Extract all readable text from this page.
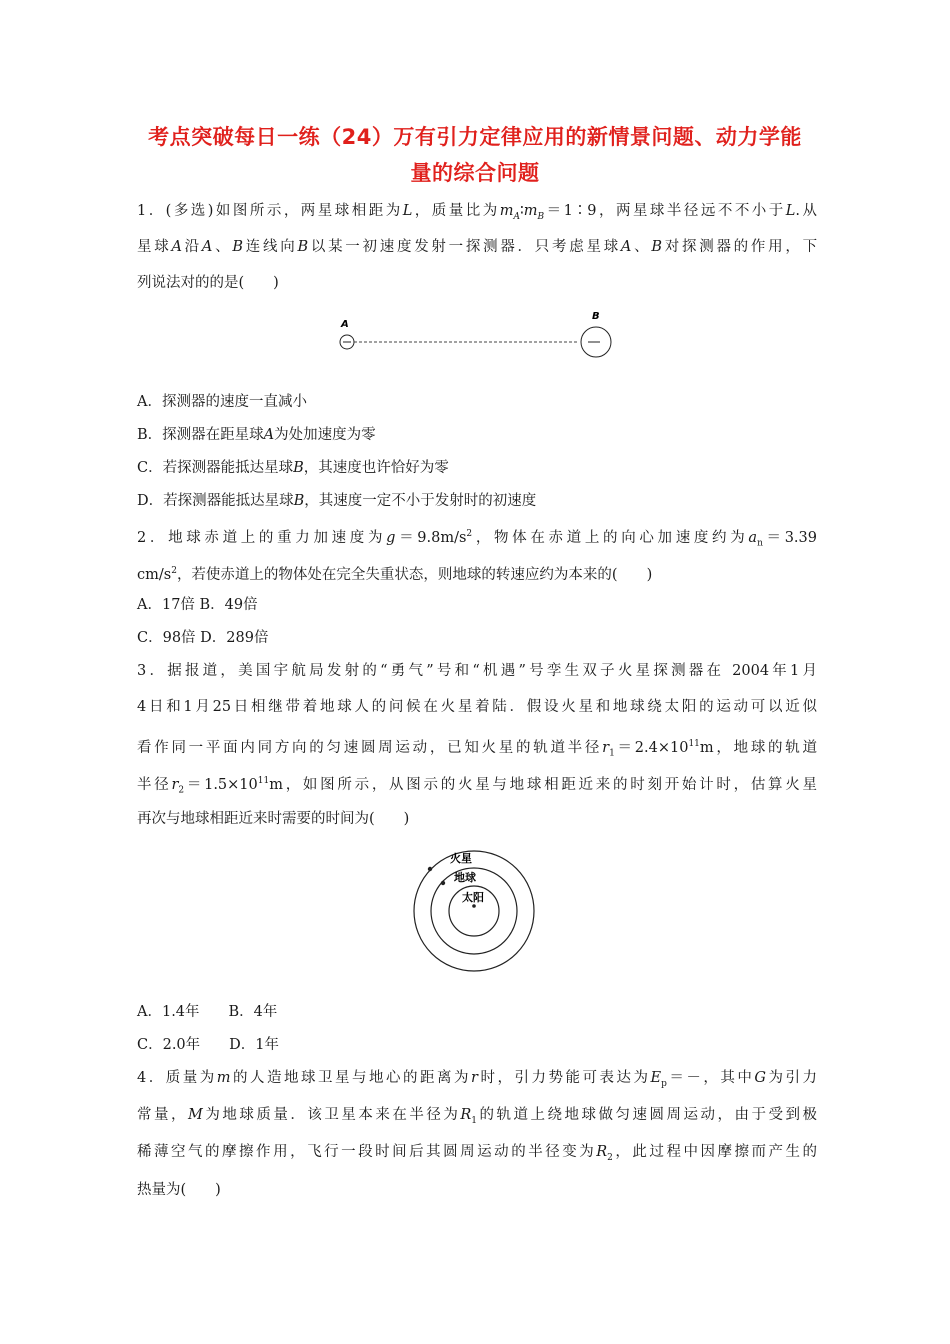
考点突破每日一练（24）万有引力定律应用的新情景问题、动力学能
量的综合问题
1．(多选)如图所示，两星球相距为L，质量比为$m_A∶m_B=1∶9$，两星球半径远不不小于L.从
星球A沿A、B连线向B以某一初速度发射一探测器．只考虑星球A、B对探测器的作用，下
列说法对的的是(　　)
A
B
A．探测器的速度一直减小
B．探测器在距星球A为处加速度为零
C．若探测器能抵达星球B，其速度也许恰好为零
D．若探测器能抵达星球B，其速度一定不小于发射时的初速度
2．地球赤道上的重力加速度为$g=9.8m/s^2$，物体在赤道上的向心加速度约为$a_n=3.39$
$cm/s^2$，若使赤道上的物体处在完全失重状态，则地球的转速应约为本来的(　　)
A．17倍 B．49倍
C．98倍 D．289倍
3．据报道，美国宇航局发射的“勇气”号和“机遇”号孪生双子火星探测器在 2004年1月
4日和1月25日相继带着地球人的问候在火星着陆．假设火星和地球绕太阳的运动可以近似
看作同一平面内同方向的匀速圆周运动，已知火星的轨道半径$r_1=2.4\times 10^{11}m$，地球的轨道
半径$r_2=1.5\times 10^{11}m$，如图所示，从图示的火星与地球相距近来的时刻开始计时，估算火星
再次与地球相距近来时需要的时间为(　　)
火星
地球
太阳
A．1.4年　　B．4年
C．2.0年　　D．1年
4．质量为m的人造地球卫星与地心的距离为r时，引力势能可表达为$E_p=-$，其中G为引力
常量，M为地球质量．该卫星本来在半径为$R_1$的轨道上绕地球做匀速圆周运动，由于受到极
稀薄空气的摩擦作用，飞行一段时间后其圆周运动的半径变为$R_2$，此过程中因摩擦而产生的
热量为(　　)
